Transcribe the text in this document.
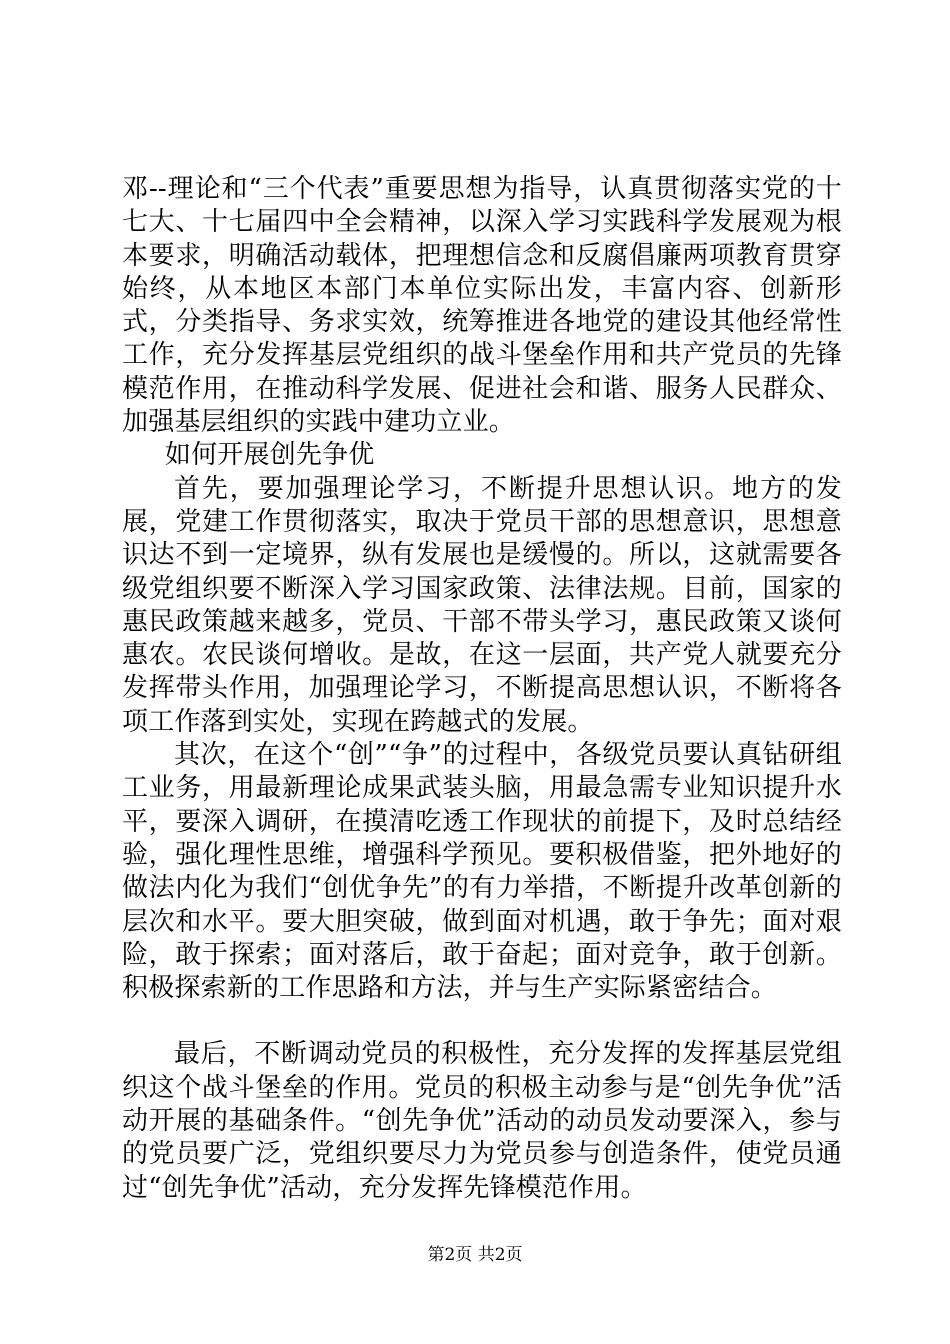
邓--理论和“三个代表”重要思想为指导，认真贯彻落实党的十七大、十七届四中全会精神，以深入学习实践科学发展观为根本要求，明确活动载体，把理想信念和反腐倡廉两项教育贯穿始终，从本地区本部门本单位实际出发，丰富内容、创新形式，分类指导、务求实效，统筹推进各地党的建设其他经常性工作，充分发挥基层党组织的战斗堡垒作用和共产党员的先锋模范作用，在推动科学发展、促进社会和谐、服务人民群众、加强基层组织的实践中建功立业。

如何开展创先争优

首先，要加强理论学习，不断提升思想认识。地方的发展，党建工作贯彻落实，取决于党员干部的思想意识，思想意识达不到一定境界，纵有发展也是缓慢的。所以，这就需要各级党组织要不断深入学习国家政策、法律法规。目前，国家的惠民政策越来越多，党员、干部不带头学习，惠民政策又谈何惠农。农民谈何增收。是故，在这一层面，共产党人就要充分发挥带头作用，加强理论学习，不断提高思想认识，不断将各项工作落到实处，实现在跨越式的发展。

其次，在这个“创”“争”的过程中，各级党员要认真钻研组工业务，用最新理论成果武装头脑，用最急需专业知识提升水平，要深入调研，在摸清吃透工作现状的前提下，及时总结经验，强化理性思维，增强科学预见。要积极借鉴，把外地好的做法内化为我们“创优争先”的有力举措，不断提升改革创新的层次和水平。要大胆突破，做到面对机遇，敢于争先；面对艰险，敢于探索；面对落后，敢于奋起；面对竞争，敢于创新。积极探索新的工作思路和方法，并与生产实际紧密结合。

最后，不断调动党员的积极性，充分发挥的发挥基层党组织这个战斗堡垒的作用。党员的积极主动参与是“创先争优”活动开展的基础条件。“创先争优”活动的动员发动要深入，参与的党员要广泛，党组织要尽力为党员参与创造条件，使党员通过“创先争优”活动，充分发挥先锋模范作用。

第2页 共2页
